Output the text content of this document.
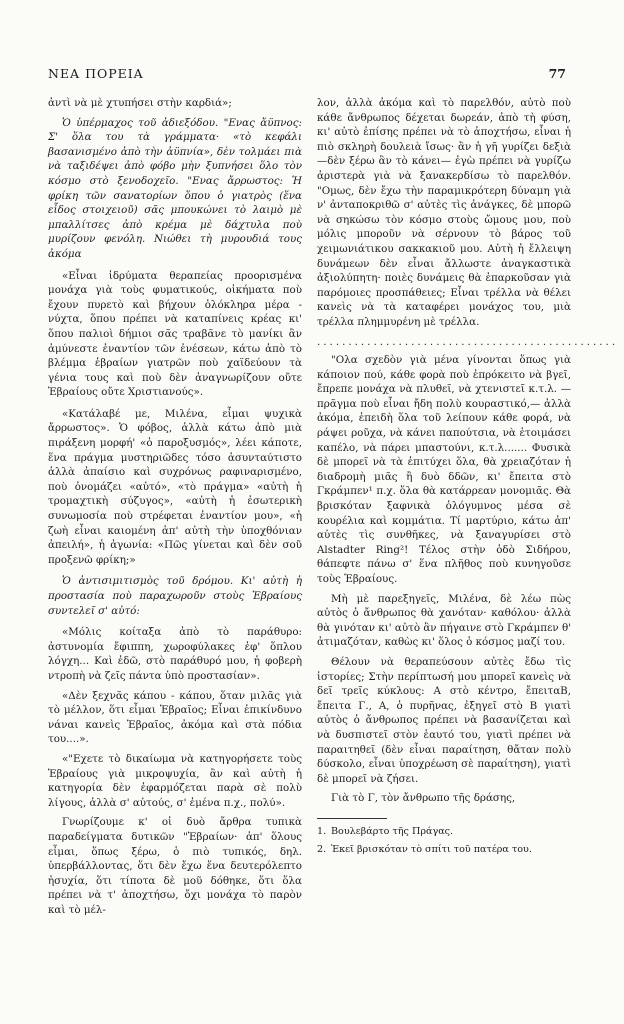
ΝΕΑ ΠΟΡΕΙΑ	77

ἀντὶ νὰ μὲ χτυπήσει στὴν καρδιά»;

Ὁ ὑπέρμαχος τοῦ ἀδιεξόδου. "Ενας ἄϋπνος: Σ' ὅλα του τὰ γράμματα· «τὸ κεφάλι βασανισμένο ἀπὸ τὴν ἀϋπνία», δὲν τολμάει πιὰ νὰ ταξιδέψει ἀπὸ φόβο μὴν ξυπνήσει ὅλο τὸν κόσμο στὸ ξενοδοχεῖο. "Ενας ἄρρωστος: Ἡ φρίκη τῶν σανατορίων ὅπου ὁ γιατρὸς (ἕνα εἶδος στοιχειοῦ) σᾶς μπουκώνει τὸ λαιμὸ μὲ μπαλλίτσες ἀπὸ κρέμα μὲ δάχτυλα ποὺ μυρίζουν φενόλη. Νιώθει τὴ μυρουδιά τους ἀκόμα

«Εἶναι ἱδρύματα θεραπείας προορισμένα μονάχα γιὰ τοὺς φυματικούς, οἰκήματα ποὺ ἔχουν πυρετὸ καὶ βήχουν ὁλόκληρα μέρα - νύχτα, ὅπου πρέπει νὰ καταπίνεις κρέας κι' ὅπου παλιοὶ δήμιοι σᾶς τραβᾶνε τὸ μανίκι ἂν ἀμύνεστε ἐναντίον τῶν ἐνέσεων, κάτω ἀπὸ τὸ βλέμμα ἑβραίων γιατρῶν ποὺ χαϊδεύουν τὰ γένια τους καὶ ποὺ δὲν ἀναγνωρίζουν οὔτε Ἑβραίους οὔτε Χριστιανούς».

«Κατάλαβέ με, Μιλένα, εἶμαι ψυχικὰ ἄρρωστος». Ὁ φόβος, ἀλλὰ κάτω ἀπὸ μιὰ πιράξενη μορφή' «ὁ παροξυσμός», λέει κάποτε, ἕνα πράγμα μυστηριῶδες τόσο ἀσυνταύτιστο ἀλλὰ ἀπαίσιο καὶ συχρόνως ραφιναρισμένο, ποὺ ὀνομάζει «αὐτό», «τὸ πράγμα» «αὐτὴ ἡ τρομαχτικὴ σύζυγος», «αὐτὴ ἡ ἐσωτερικὴ συνωμοσία ποὺ στρέφεται ἐναντίον μου», «ἡ ζωὴ εἶναι καιομένη ἀπ' αὐτὴ τὴν ὑποχθόνιαν ἀπειλή», ἡ ἀγωνία: «Πῶς γίνεται καὶ δὲν σοῦ προξενῶ φρίκη;»

Ὁ ἀντισιμιτισμὸς τοῦ δρόμου. Κι' αὐτὴ ἡ προστασία ποὺ παραχωροῦν στοὺς Ἑβραίους συντελεῖ σ' αὐτό:

«Μόλις κοίταξα ἀπὸ τὸ παράθυρο: ἀστυνομία ἔφιππη, χωροφύλακες ἐφ' ὅπλου λόγχη... Καὶ ἐδῶ, στὸ παράθυρό μου, ἡ φοβερὴ ντροπὴ νὰ ζεῖς πάντα ὑπὸ προστασίαν».

«Δὲν ξεχνᾶς κάπου - κάπου, ὅταν μιλᾶς γιὰ τὸ μέλλον, ὅτι εἶμαι Ἑβραῖος; Εἶναι ἐπικίνδυνο νάναι κανεὶς Ἑβραῖος, ἀκόμα καὶ στὰ πόδια του....».

«"Εχετε τὸ δικαίωμα νὰ κατηγορήσετε τοὺς Ἑβραίους γιὰ μικροψυχία, ἂν καὶ αὐτὴ ἡ κατηγορία δὲν ἐφαρμόζεται παρὰ σὲ πολὺ λίγους, ἀλλὰ σ' αὐτούς, σ' ἐμένα π.χ., πολύ».

Γνωρίζουμε κ' οἱ δυὸ ἄρθρα τυπικὰ παραδείγματα δυτικῶν "Ἑβραίων· ἀπ' ὅλους εἶμαι, ὅπως ξέρω, ὁ πιὸ τυπικός, δηλ. ὑπερβάλλοντας, ὅτι δὲν ἔχω ἕνα δευτερόλεπτο ἡσυχία, ὅτι τίποτα δὲ μοῦ δόθηκε, ὅτι ὅλα πρέπει νὰ τ' ἀποχτήσω, ὄχι μονάχα τὸ παρὸν καὶ τὸ μέλ-

λον, ἀλλὰ ἀκόμα καὶ τὸ παρελθόν, αὐτὸ ποὺ κάθε ἄνθρωπος δέχεται δωρεάν, ἀπὸ τὴ φύση, κι' αὐτὸ ἐπίσης πρέπει νὰ τὸ ἀποχτήσω, εἶναι ἡ πιὸ σκληρὴ δουλειὰ ἴσως· ἂν ἡ γῆ γυρίζει δεξιὰ —δὲν ξέρω ἂν τὸ κάνει— ἐγὼ πρέπει νὰ γυρίζω ἀριστερὰ γιὰ νὰ ξανακερδίσω τὸ παρελθόν. "Ομως, δὲν ἔχω τὴν παραμικρότερη δύναμη γιὰ ν' ἀνταποκριθῶ σ' αὐτὲς τὶς ἀνάγκες, δὲ μπορῶ νὰ σηκώσω τὸν κόσμο στοὺς ὤμους μου, ποὺ μόλις μποροῦν νὰ σέρνουν τὸ βάρος τοῦ χειμωνιάτικου σακκακιοῦ μου. Αὐτὴ ἡ ἔλλειψη δυνάμεων δὲν εἶναι ἄλλωστε ἀναγκαστικὰ ἀξιολύπητη· ποιὲς δυνάμεις θὰ ἐπαρκοῦσαν γιὰ παρόμοιες προσπάθειες; Εἶναι τρέλλα νὰ θέλει κανεὶς νὰ τὰ καταφέρει μονάχος του, μιὰ τρέλλα πλημμυρένη μὲ τρέλλα.

................................................

"Ολα σχεδὸν γιὰ μένα γίνονται ὅπως γιὰ κάποιον πού, κάθε φορὰ ποὺ ἐπρόκειτο νὰ βγεῖ, ἔπρεπε μονάχα νὰ πλυθεῖ, νὰ χτενιστεῖ κ.τ.λ. —πρᾶγμα ποὺ εἶναι ἤδη πολὺ κουραστικό,— ἀλλὰ ἀκόμα, ἐπειδὴ ὅλα τοῦ λείπουν κάθε φορά, νὰ ράψει ροῦχα, νὰ κάνει παπούτσια, νὰ ἑτοιμάσει καπέλο, νὰ πάρει μπαστούνι, κ.τ.λ....... Φυσικὰ δὲ μπορεῖ νὰ τὰ ἐπιτύχει ὅλα, θὰ χρειαζόταν ἡ διαδρομὴ μιᾶς ἢ δυὸ δδῶν, κι' ἔπειτα στὸ Γκράμπεν¹ π.χ. ὅλα θὰ κατάρρεαν μονομιᾶς. Θὰ βρισκόταν ξαφνικὰ ὁλόγυμνος μέσα σὲ κουρέλια καὶ κομμάτια. Τί μαρτύριο, κάτω ἀπ' αὐτὲς τὶς συνθῆκες, νὰ ξαναγυρίσει στὸ Alstadter Ring²! Τέλος στὴν ὁδὸ Σιδήρου, θάπεφτε πάνω σ' ἕνα πλῆθος ποὺ κυνηγοῦσε τοὺς Ἑβραίους.

Μὴ μὲ παρεξηγεῖς, Μιλένα, δὲ λέω πὼς αὐτὸς ὁ ἄνθρωπος θὰ χανόταν· καθόλου· ἀλλὰ θὰ γινόταν κι' αὐτὸ ἂν πήγαινε στὸ Γκράμπεν θ' ἀτιμαζόταν, καθὼς κι' ὅλος ὁ κόσμος μαζί του.

Θέλουν νὰ θεραπεύσουν αὐτὲς ἔδω τὶς ἱστορίες; Στὴν περίπτωσή μου μπορεῖ κανεὶς νὰ δεῖ τρεῖς κύκλους: Α στὸ κέντρο, ἔπειταΒ, ἔπειτα Γ., Α, ὁ πυρῆνας, ἐξηγεῖ στὸ Β γιατὶ αὐτὸς ὁ ἄνθρωπος πρέπει νὰ βασανίζεται καὶ νὰ δυσπιστεῖ στὸν ἑαυτό του, γιατὶ πρέπει νὰ παραιτηθεῖ (δὲν εἶναι παραίτηση, θἄταν πολὺ δύσκολο, εἶναι ὑποχρέωση σὲ παραίτηση), γιατὶ δὲ μπορεῖ νὰ ζήσει.

Γιὰ τὸ Γ, τὸν ἄνθρωπο τῆς δράσης,

1. Βουλεβάρτο τῆς Πράγας.

2. Ἐκεῖ βρισκόταν τὸ σπίτι τοῦ πατέρα του.
